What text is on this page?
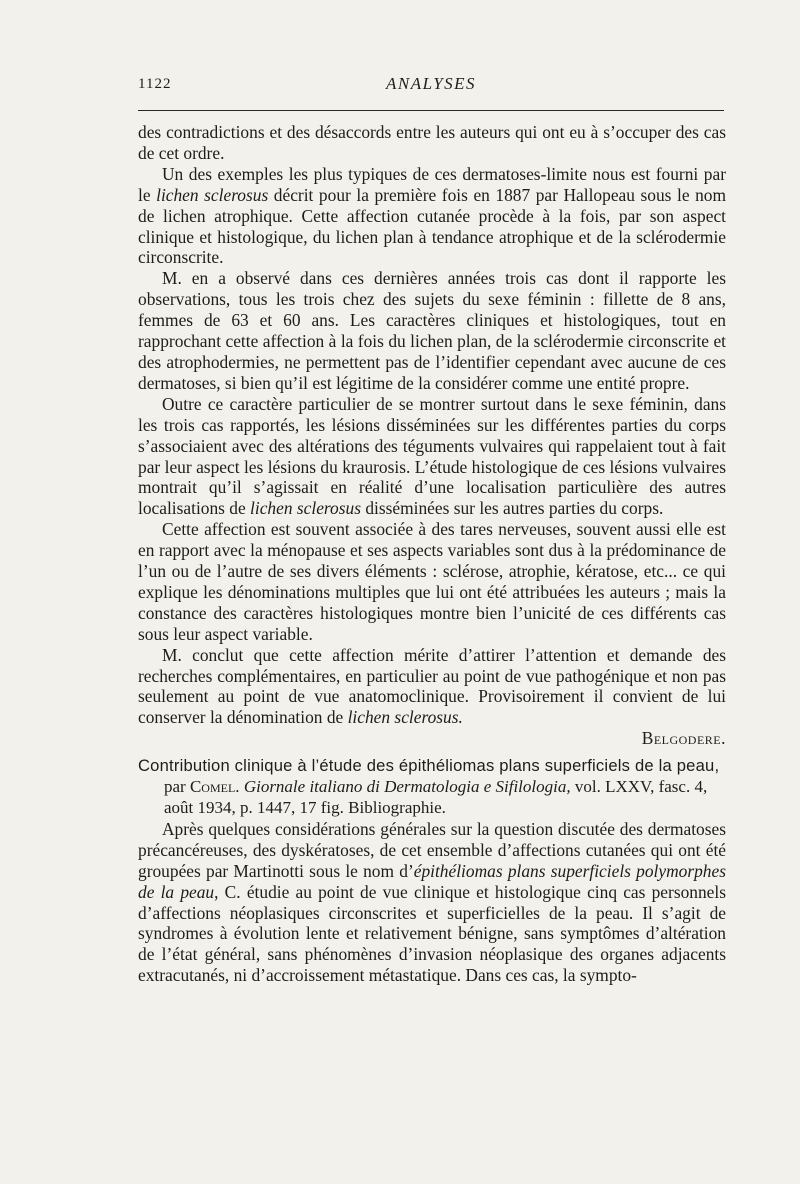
1122	ANALYSES

des contradictions et des désaccords entre les auteurs qui ont eu à s’occuper des cas de cet ordre.

Un des exemples les plus typiques de ces dermatoses-limite nous est fourni par le lichen sclerosus décrit pour la première fois en 1887 par Hallopeau sous le nom de lichen atrophique. Cette affection cutanée procède à la fois, par son aspect clinique et histologique, du lichen plan à tendance atrophique et de la sclérodermie circonscrite.

M. en a observé dans ces dernières années trois cas dont il rapporte les observations, tous les trois chez des sujets du sexe féminin : fillette de 8 ans, femmes de 63 et 60 ans. Les caractères cliniques et histologiques, tout en rapprochant cette affection à la fois du lichen plan, de la sclérodermie circonscrite et des atrophodermies, ne permettent pas de l’identifier cependant avec aucune de ces dermatoses, si bien qu’il est légitime de la considérer comme une entité propre.

Outre ce caractère particulier de se montrer surtout dans le sexe féminin, dans les trois cas rapportés, les lésions disséminées sur les différentes parties du corps s’associaient avec des altérations des téguments vulvaires qui rappelaient tout à fait par leur aspect les lésions du kraurosis. L’étude histologique de ces lésions vulvaires montrait qu’il s’agissait en réalité d’une localisation particulière des autres localisations de lichen sclerosus disséminées sur les autres parties du corps.

Cette affection est souvent associée à des tares nerveuses, souvent aussi elle est en rapport avec la ménopause et ses aspects variables sont dus à la prédominance de l’un ou de l’autre de ses divers éléments : sclérose, atrophie, kératose, etc... ce qui explique les dénominations multiples que lui ont été attribuées les auteurs ; mais la constance des caractères histologiques montre bien l’unicité de ces différents cas sous leur aspect variable.

M. conclut que cette affection mérite d’attirer l’attention et demande des recherches complémentaires, en particulier au point de vue pathogénique et non pas seulement au point de vue anatomoclinique. Provisoirement il convient de lui conserver la dénomination de lichen sclerosus.

Belgodere.

Contribution clinique à l’étude des épithéliomas plans superficiels de la peau, par Comel. Giornale italiano di Dermatologia e Sifilologia, vol. LXXV, fasc. 4, août 1934, p. 1447, 17 fig. Bibliographie.

Après quelques considérations générales sur la question discutée des dermatoses précancéreuses, des dyskératoses, de cet ensemble d’affections cutanées qui ont été groupées par Martinotti sous le nom d’épithéliomas plans superficiels polymorphes de la peau, C. étudie au point de vue clinique et histologique cinq cas personnels d’affections néoplasiques circonscrites et superficielles de la peau. Il s’agit de syndromes à évolution lente et relativement bénigne, sans symptômes d’altération de l’état général, sans phénomènes d’invasion néoplasique des organes adjacents extracutanés, ni d’accroissement métastatique. Dans ces cas, la sympto-
